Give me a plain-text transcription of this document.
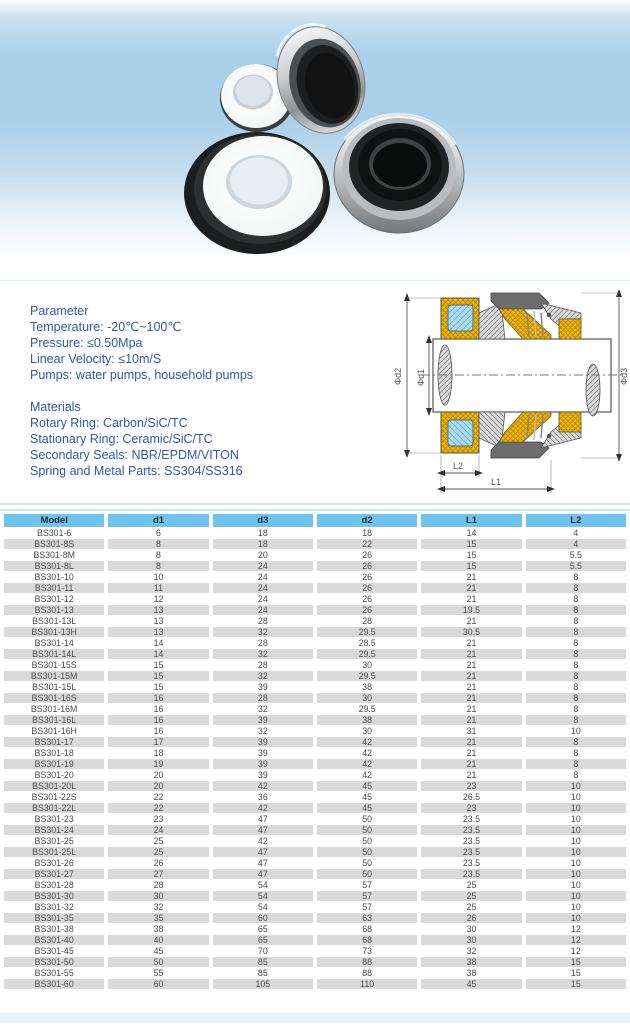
Parameter

Temperature: -20℃~100℃

Pressure: ≤0.50Mpa

Linear Velocity: ≤10m/S

Pumps: water pumps, household pumps

Materials

Rotary Ring: Carbon/SiC/TC

Stationary Ring: Ceramic/SiC/TC

Secondary Seals: NBR/EPDM/VITON

Spring and Metal Parts: SS304/SS316

Φd2 Φd1	Φd3
L2
L1
Model	d1	d3	d2	L1	L2
BS301-6	6	18	18	14	4
BS301-8S	8	18	22	15	4
BS301-8M	8	20	26	15	5.5
BS301-8L	8	24	26	15	5.5
BS301-10	10	24	26	21	8
BS301-11	11	24	26	21	8
BS301-12	12	24	26	21	8
BS301-13	13	24	26	19.5	8
BS301-13L	13	28	28	21	8
BS301-13H	13	32	29.5	30.5	8
BS301-14	14	28	28.5	21	8
BS301-14L	14	32	29.5	21	8
BS301-15S	15	28	30	21	8
BS301-15M	15	32	29.5	21	8
BS301-15L	15	39	38	21	8
BS301-16S	16	28	30	21	8
BS301-16M	16	32	29.5	21	8
BS301-16L	16	39	38	21	8
BS301-16H	16	32	30	31	10
BS301-17	17	39	42	21	8
BS301-18	18	39	42	21	8
BS301-19	19	39	42	21	8
BS301-20	20	39	42	21	8
BS301-20L	20	42	45	23	10
BS301-22S	22	36	45	26.5	10
BS301-22L	22	42	45	23	10
BS301-23	23	47	50	23.5	10
BS301-24	24	47	50	23.5	10
BS301-25	25	42	50	23.5	10
BS301-25L	25	47	50	23.5	10
BS301-26	26	47	50	23.5	10
BS301-27	27	47	50	23.5	10
BS301-28	28	54	57	25	10
BS301-30	30	54	57	25	10
BS301-32	32	54	57	25	10
BS301-35	35	60	63	26	10
BS301-38	38	65	68	30	12
BS301-40	40	65	68	30	12
BS301-45	45	70	73	32	12
BS301-50	50	85	88	38	15
BS301-55	55	85	88	38	15
BS301-60	60	105	110	45	15
